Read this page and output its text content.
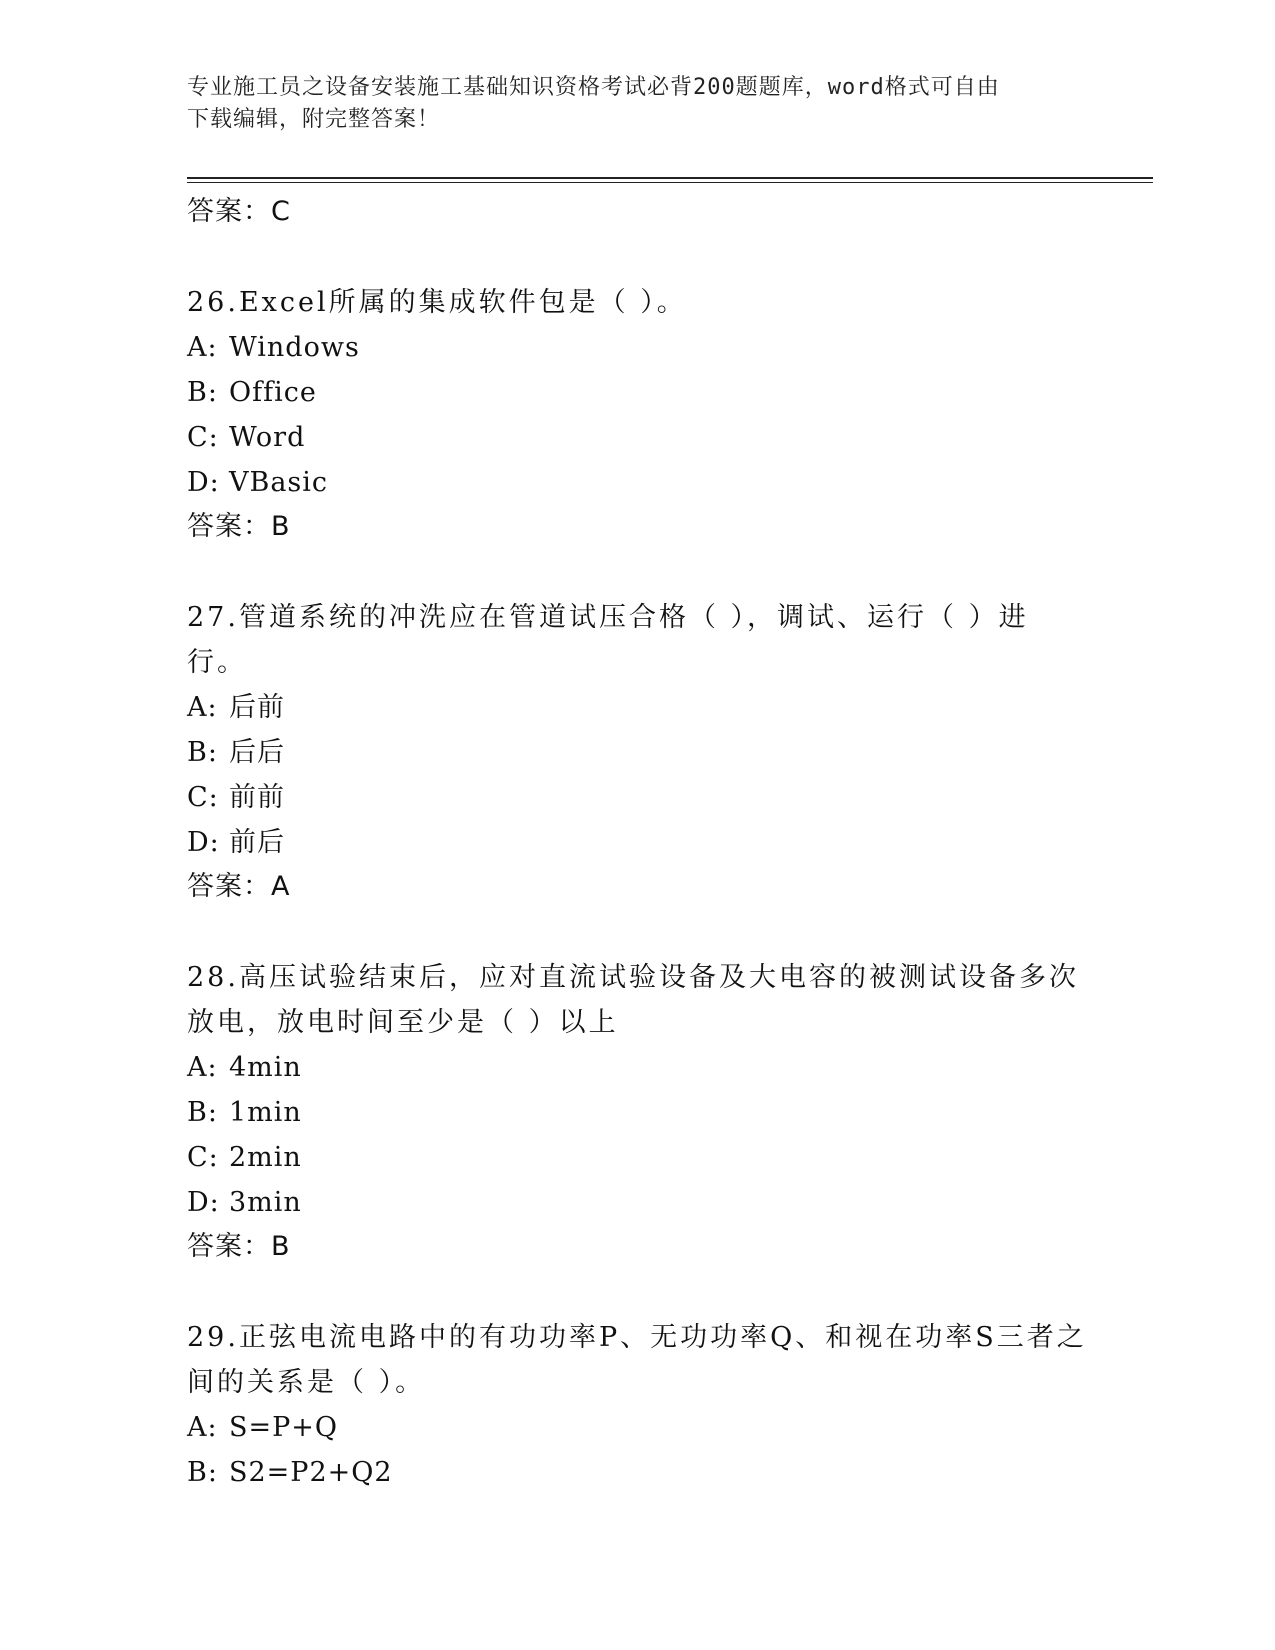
专业施工员之设备安装施工基础知识资格考试必背200题题库，word格式可自由
下载编辑，附完整答案！
答案：C
26.Excel所属的集成软件包是（ ）。
A: Windows
B: Office
C: Word
D: VBasic
答案：B
27.管道系统的冲洗应在管道试压合格（ ），调试、运行（ ）进行。
A: 后前
B: 后后
C: 前前
D: 前后
答案：A
28.高压试验结束后，应对直流试验设备及大电容的被测试设备多次放电，放电时间至少是（ ）以上
A: 4min
B: 1min
C: 2min
D: 3min
答案：B
29.正弦电流电路中的有功功率P、无功功率Q、和视在功率S三者之间的关系是（ ）。
A: S=P+Q
B: S2=P2+Q2
